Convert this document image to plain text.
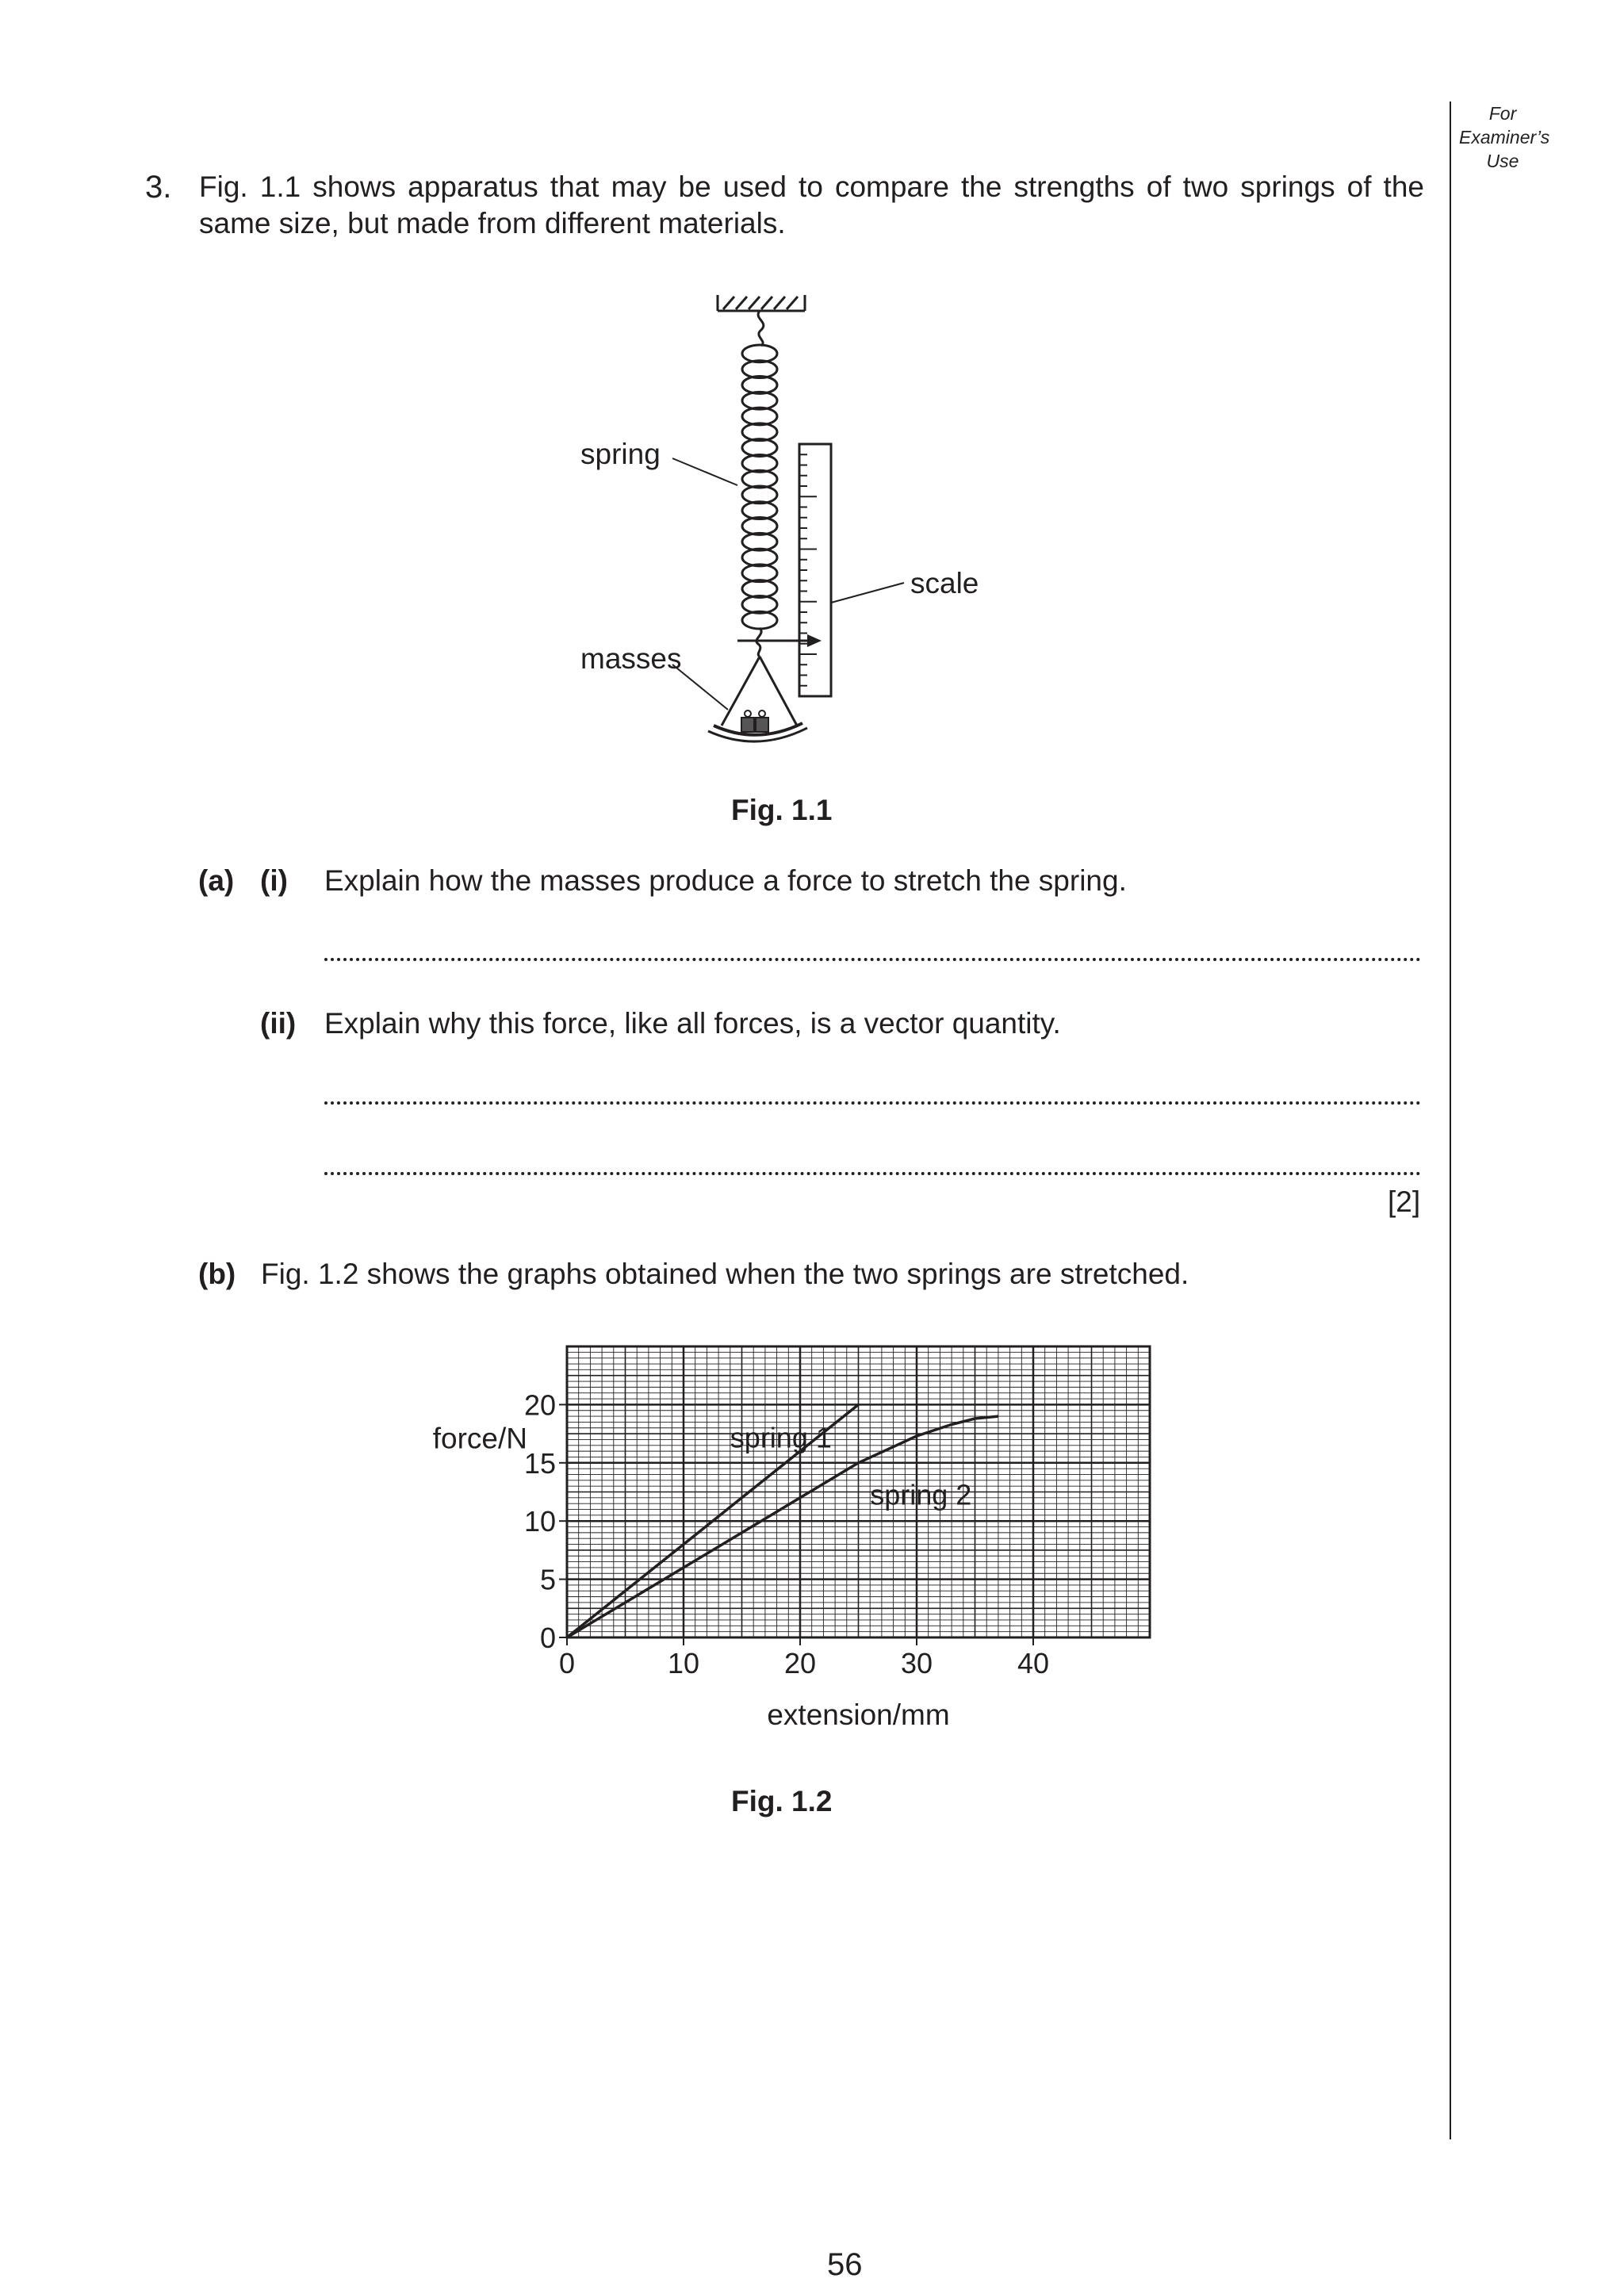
For
Examiner’s
Use
3. Fig. 1.1 shows apparatus that may be used to compare the strengths of two springs of the
same size, but made from different materials.
spring
scale
masses
Fig. 1.1
(a) (i) Explain how the masses produce a force to stretch the spring.
(ii) Explain why this force, like all forces, is a vector quantity.
[2]
(b) Fig. 1.2 shows the graphs obtained when the two springs are stretched.
0	10	20	30	40
0
5
10
15
20
spring 1
spring 2
force/N
extension/mm
Fig. 1.2
56
